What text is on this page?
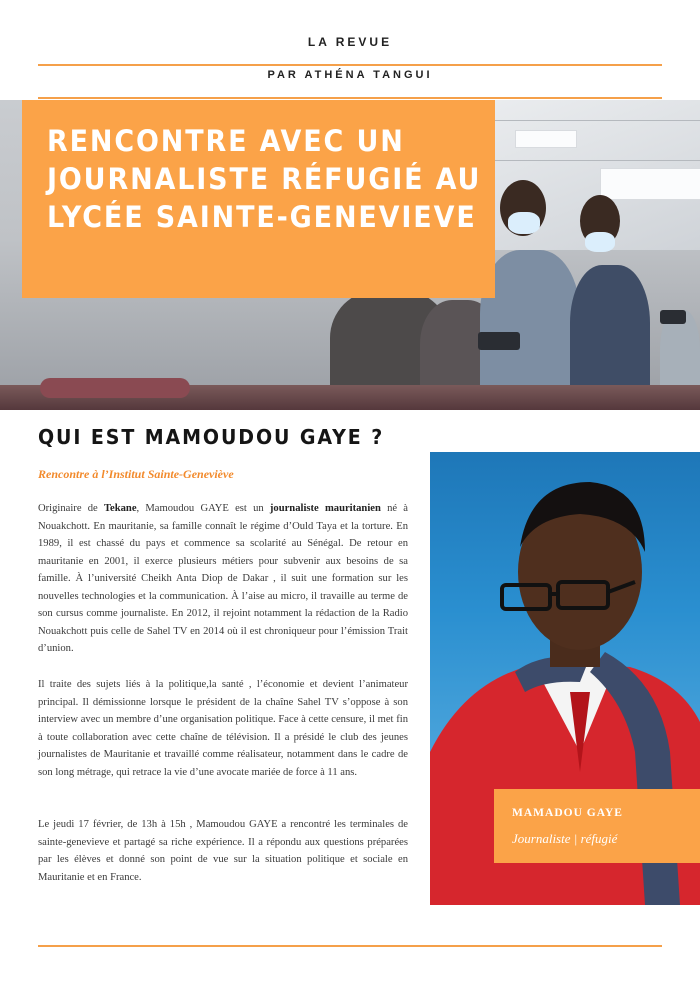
LA REVUE
PAR ATHÉNA TANGUI
RENCONTRE AVEC UN
JOURNALISTE RÉFUGIÉ AU
LYCÉE SAINTE-GENEVIEVE
QUI EST MAMOUDOU GAYE ?
Rencontre à l’Institut Sainte-Geneviève

Originaire de Tekane, Mamoudou GAYE est un journaliste mauritanien né à Nouakchott. En mauritanie, sa famille connaît le régime d’Ould Taya et la torture. En 1989, il est chassé du pays et commence sa scolarité au Sénégal. De retour en mauritanie en 2001, il exerce plusieurs métiers pour subvenir aux besoins de sa famille. À l’université Cheikh Anta Diop de Dakar , il suit une formation sur les nouvelles technologies et la communication. À l’aise au micro, il travaille au terme de son cursus comme journaliste. En 2012, il rejoint notamment la rédaction de la Radio Nouakchott puis celle de Sahel TV en 2014 où il est chroniqueur pour l’émission Trait d’union.

Il traite des sujets liés à la politique,la santé , l’économie et devient l’animateur principal. Il démissionne lorsque le président de la chaîne Sahel TV s’oppose à son interview avec un membre d’une organisation politique. Face à cette censure, il met fin à toute collaboration avec cette chaîne de télévision. Il a présidé le club des jeunes journalistes de Mauritanie et travaillé comme réalisateur, notamment dans le cadre de son long métrage, qui retrace la vie d’une avocate mariée de force à 11 ans.

Le jeudi 17 février, de 13h à 15h , Mamoudou GAYE a rencontré les terminales de sainte-genevieve et partagé sa riche expérience. Il a répondu aux questions préparées par les élèves et donné son point de vue sur la situation politique et sociale en Mauritanie et en France.

MAMADOU GAYE
Journaliste | réfugié
